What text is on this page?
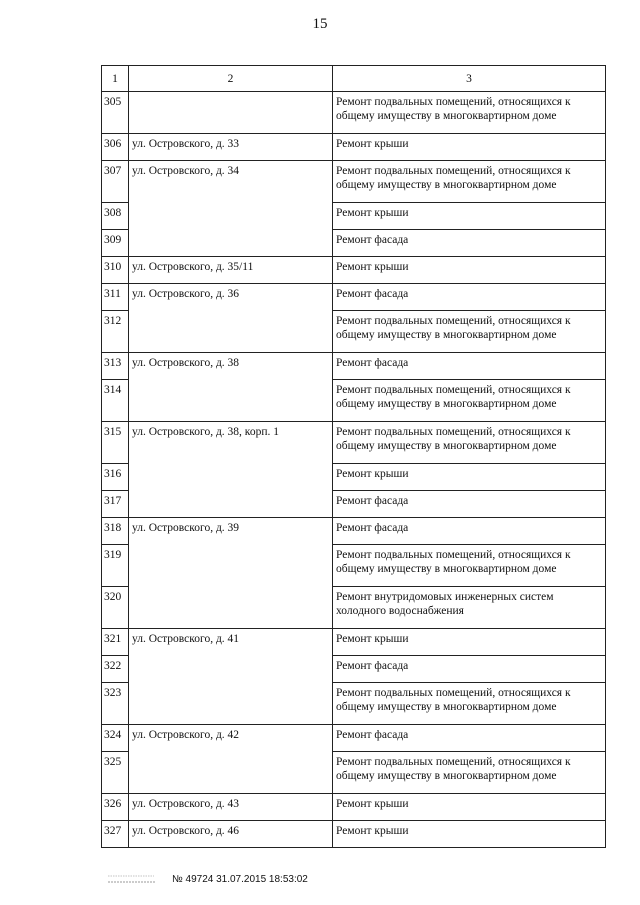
15
1	2	3
305		Ремонт подвальных помещений, относящихся к общему имуществу в многоквартирном доме
306	ул. Островского, д. 33	Ремонт крыши
307	ул. Островского, д. 34	Ремонт подвальных помещений, относящихся к общему имуществу в многоквартирном доме
308		Ремонт крыши
309		Ремонт фасада
310	ул. Островского, д. 35/11	Ремонт крыши
311	ул. Островского, д. 36	Ремонт фасада
312		Ремонт подвальных помещений, относящихся к общему имуществу в многоквартирном доме
313	ул. Островского, д. 38	Ремонт фасада
314		Ремонт подвальных помещений, относящихся к общему имуществу в многоквартирном доме
315	ул. Островского, д. 38, корп. 1	Ремонт подвальных помещений, относящихся к общему имуществу в многоквартирном доме
316		Ремонт крыши
317		Ремонт фасада
318	ул. Островского, д. 39	Ремонт фасада
319		Ремонт подвальных помещений, относящихся к общему имуществу в многоквартирном доме
320		Ремонт внутридомовых инженерных систем холодного водоснабжения
321	ул. Островского, д. 41	Ремонт крыши
322		Ремонт фасада
323		Ремонт подвальных помещений, относящихся к общему имуществу в многоквартирном доме
324	ул. Островского, д. 42	Ремонт фасада
325		Ремонт подвальных помещений, относящихся к общему имуществу в многоквартирном доме
326	ул. Островского, д. 43	Ремонт крыши
327	ул. Островского, д. 46	Ремонт крыши
№ 49724 31.07.2015 18:53:02
